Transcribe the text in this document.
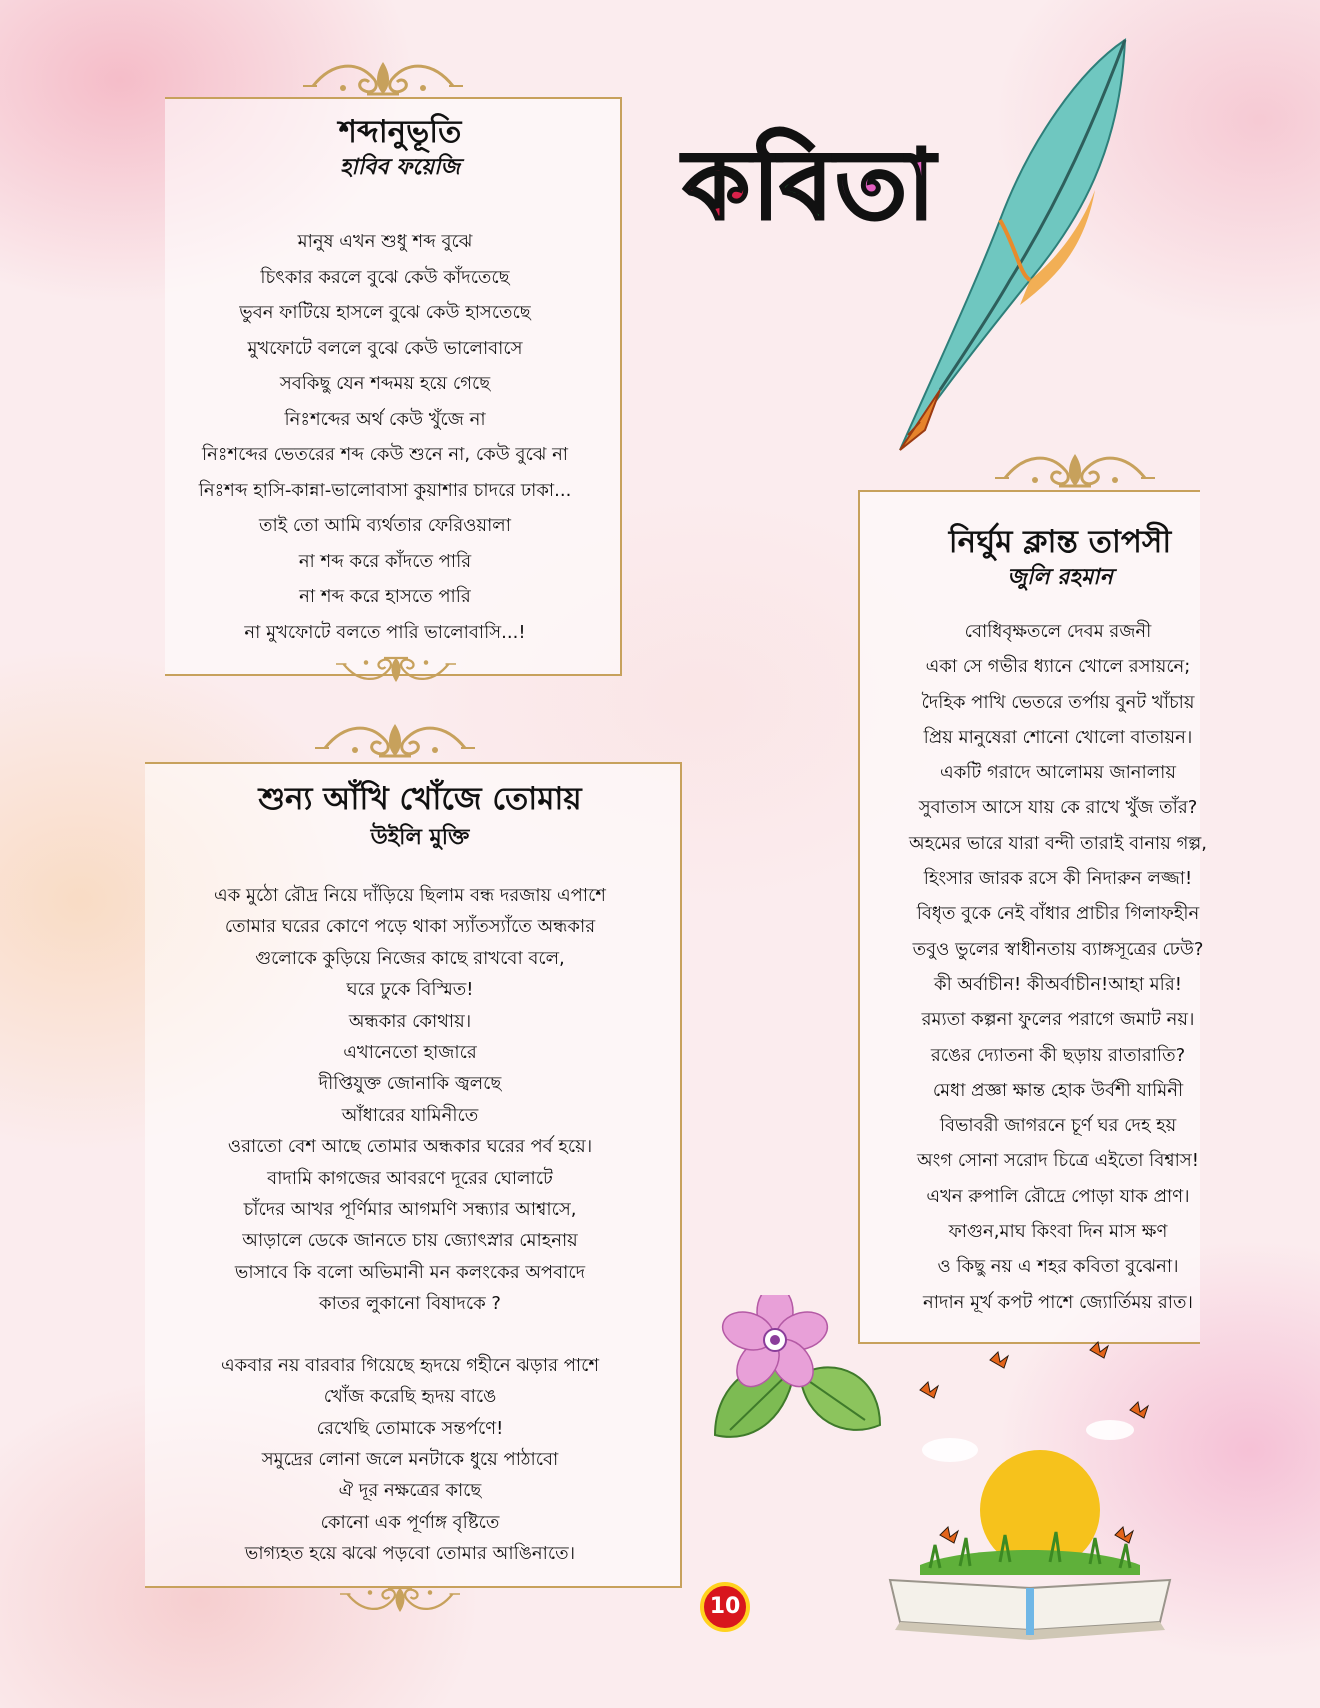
শব্দানুভূতি
হাবিব ফয়েজি
মানুষ এখন শুধু শব্দ বুঝে
চিৎকার করলে বুঝে কেউ কাঁদতেছে
ভুবন ফাটিয়ে হাসলে বুঝে কেউ হাসতেছে
মুখফোটে বললে বুঝে কেউ ভালোবাসে
সবকিছু যেন শব্দময় হয়ে গেছে
নিঃশব্দের অর্থ কেউ খুঁজে না
নিঃশব্দের ভেতরের শব্দ কেউ শুনে না, কেউ বুঝে না
নিঃশব্দ হাসি-কান্না-ভালোবাসা কুয়াশার চাদরে ঢাকা...
তাই তো আমি ব্যর্থতার ফেরিওয়ালা
না শব্দ করে কাঁদতে পারি
না শব্দ করে হাসতে পারি
না মুখফোটে বলতে পারি ভালোবাসি...!
শুন্য আঁখি খোঁজে তোমায়
উইলি মুক্তি
এক মুঠো রৌদ্র নিয়ে দাঁড়িয়ে ছিলাম বন্ধ দরজায় এপাশে
তোমার ঘরের কোণে পড়ে থাকা স্যাঁতস্যাঁতে অন্ধকার
গুলোকে কুড়িয়ে নিজের কাছে রাখবো বলে,
ঘরে ঢুকে বিস্মিত!
অন্ধকার কোথায়।
এখানেতো হাজারে
দীপ্তিযুক্ত জোনাকি জ্বলছে
আঁধারের যামিনীতে
ওরাতো বেশ আছে তোমার অন্ধকার ঘরের পর্ব হয়ে।
বাদামি কাগজের আবরণে দূরের ঘোলাটে
চাঁদের আখর পূর্ণিমার আগমণি সন্ধ্যার আশ্বাসে,
আড়ালে ডেকে জানতে চায় জ্যোৎস্নার মোহনায়
ভাসাবে কি বলো অভিমানী মন কলংকের অপবাদে
কাতর লুকানো বিষাদকে ?
একবার নয় বারবার গিয়েছে হৃদয়ে গহীনে ঝড়ার পাশে
খোঁজ করেছি হৃদয় বাঙে
রেখেছি তোমাকে সন্তর্পণে!
সমুদ্রের লোনা জলে মনটাকে ধুয়ে পাঠাবো
ঐ দূর নক্ষত্রের কাছে
কোনো এক পূর্ণাঙ্গ বৃষ্টিতে
ভাগ্যহত হয়ে ঝঝে পড়বো তোমার আঙিনাতে।
নির্ঘুম ক্লান্ত তাপসী
জুলি রহমান
বোধিবৃক্ষতলে দেবম রজনী
একা সে গভীর ধ্যানে খোলে রসায়নে;
দৈহিক পাখি ভেতরে তর্পায় বুনট খাঁচায়
প্রিয় মানুষেরা শোনো খোলো বাতায়ন।
একটি গরাদে আলোময় জানালায়
সুবাতাস আসে যায় কে রাখে খুঁজ তাঁর?
অহমের ভারে যারা বন্দী তারাই বানায় গল্প,
হিংসার জারক রসে কী নিদারুন লজ্জা!
বিধৃত বুকে নেই বাঁধার প্রাচীর গিলাফহীন
তবুও ভুলের স্বাধীনতায় ব্যাঙ্গসূত্রের ঢেউ?
কী অর্বাচীন! কীঅর্বাচীন!আহা মরি!
রম্যতা কল্পনা ফুলের পরাগে জমাট নয়।
রঙের দ্যোতনা কী ছড়ায় রাতারাতি?
মেধা প্রজ্ঞা ক্ষান্ত হোক উর্বশী যামিনী
বিভাবরী জাগরনে চূর্ণ ঘর দেহ হয়
অংগ সোনা সরোদ চিত্রে এইতো বিশ্বাস!
এখন রুপালি রৌদ্রে পোড়া যাক প্রাণ।
ফাগুন,মাঘ কিংবা দিন মাস ক্ষণ
ও কিছু নয় এ শহর কবিতা বুঝেনা।
নাদান মূর্খ কপট পাশে জ্যোর্তিময় রাত।
কবিতা
10
